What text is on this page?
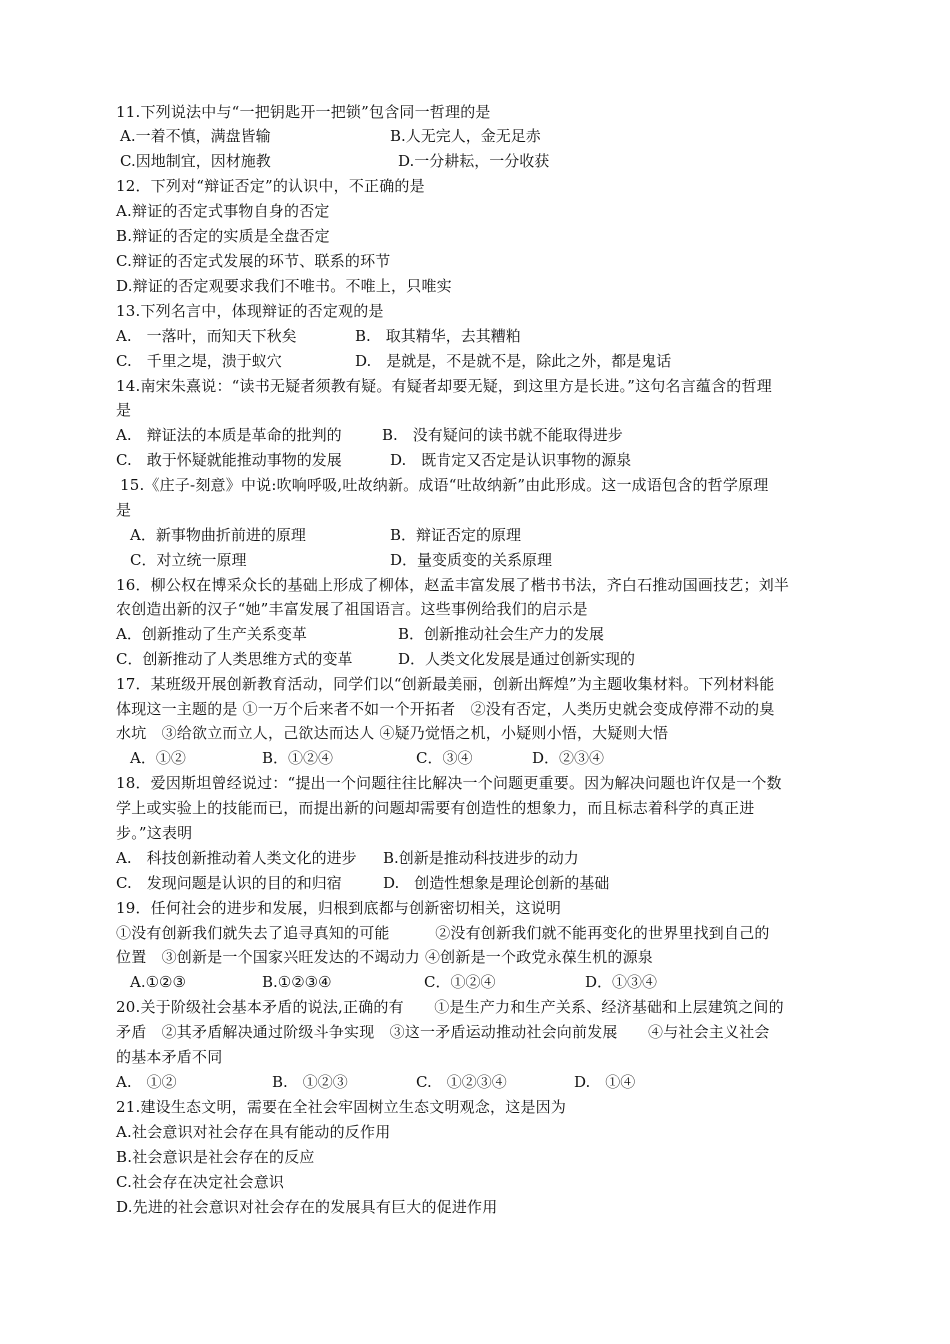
11.下列说法中与“一把钥匙开一把锁”包含同一哲理的是
A.一着不慎，满盘皆输	B.人无完人，金无足赤
C.因地制宜，因材施教	D.一分耕耘，一分收获
12．下列对“辩证否定”的认识中，不正确的是
A.辩证的否定式事物自身的否定
B.辩证的否定的实质是全盘否定
C.辩证的否定式发展的环节、联系的环节
D.辩证的否定观要求我们不唯书。不唯上，只唯实
13.下列名言中，体现辩证的否定观的是
A.　一落叶，而知天下秋矣	B.　取其精华，去其糟粕
C.　千里之堤，溃于蚁穴	D.　是就是，不是就不是，除此之外，都是鬼话
14.南宋朱熹说：“读书无疑者须教有疑。有疑者却要无疑，到这里方是长进。”这句名言蕴含的哲理
是
A.　辩证法的本质是革命的批判的	B.　没有疑问的读书就不能取得进步
C.　敢于怀疑就能推动事物的发展	D.　既肯定又否定是认识事物的源泉
15.《庄子-刻意》中说:吹响呼吸,吐故纳新。成语“吐故纳新”由此形成。这一成语包含的哲学原理
是
A．新事物曲折前进的原理	B．辩证否定的原理
C．对立统一原理	D．量变质变的关系原理
16．柳公权在博采众长的基础上形成了柳体，赵孟丰富发展了楷书书法，齐白石推动国画技艺；刘半
农创造出新的汉子“她”丰富发展了祖国语言。这些事例给我们的启示是
A．创新推动了生产关系变革	B．创新推动社会生产力的发展
C．创新推动了人类思维方式的变革	D．人类文化发展是通过创新实现的
17．某班级开展创新教育活动，同学们以“创新最美丽，创新出辉煌”为主题收集材料。下列材料能
体现这一主题的是 ①一万个后来者不如一个开拓者　②没有否定，人类历史就会变成停滞不动的臭
水坑　③给欲立而立人，己欲达而达人 ④疑乃觉悟之机，小疑则小悟，大疑则大悟
A．①②	B．①②④	C．③④	D．②③④
18．爱因斯坦曾经说过：“提出一个问题往往比解决一个问题更重要。因为解决问题也许仅是一个数
学上或实验上的技能而已，而提出新的问题却需要有创造性的想象力，而且标志着科学的真正进
步。”这表明
A.　科技创新推动着人类文化的进步 B.创新是推动科技进步的动力
C.　发现问题是认识的目的和归宿	D.　创造性想象是理论创新的基础
19．任何社会的进步和发展，归根到底都与创新密切相关，这说明
①没有创新我们就失去了追寻真知的可能　　　②没有创新我们就不能再变化的世界里找到自己的
位置　③创新是一个国家兴旺发达的不竭动力 ④创新是一个政党永葆生机的源泉
A.①②③	B.①②③④	C．①②④	D．①③④
20.关于阶级社会基本矛盾的说法,正确的有　　①是生产力和生产关系、经济基础和上层建筑之间的
矛盾　②其矛盾解决通过阶级斗争实现　③这一矛盾运动推动社会向前发展　　④与社会主义社会
的基本矛盾不同
A.　①②	B.　①②③	C.　①②③④	D.　①④
21.建设生态文明，需要在全社会牢固树立生态文明观念，这是因为
A.社会意识对社会存在具有能动的反作用
B.社会意识是社会存在的反应
C.社会存在决定社会意识
D.先进的社会意识对社会存在的发展具有巨大的促进作用
